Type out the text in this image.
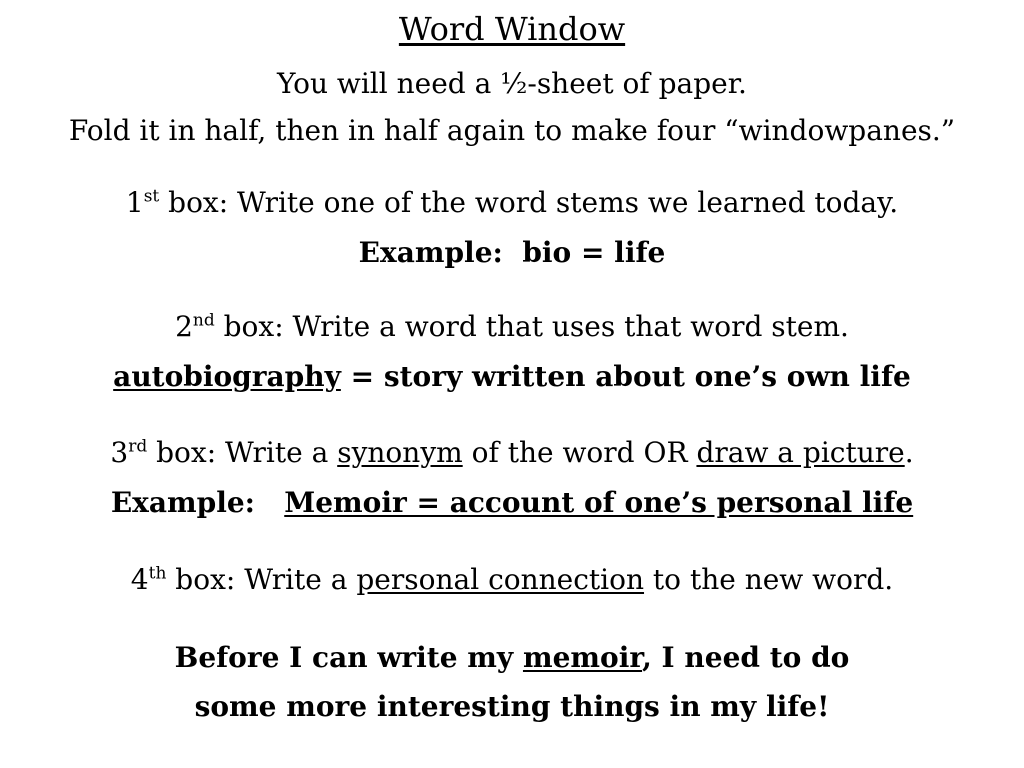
Word Window
You will need a ½-sheet of paper.
Fold it in half, then in half again to make four “windowpanes.”
1st box: Write one of the word stems we learned today.
Example:  bio = life
2nd box: Write a word that uses that word stem.
autobiography = story written about one’s own life
3rd box: Write a synonym of the word OR draw a picture.
Example: Memoir = account of one’s personal life
4th box: Write a personal connection to the new word.
Before I can write my memoir, I need to do
some more interesting things in my life!
